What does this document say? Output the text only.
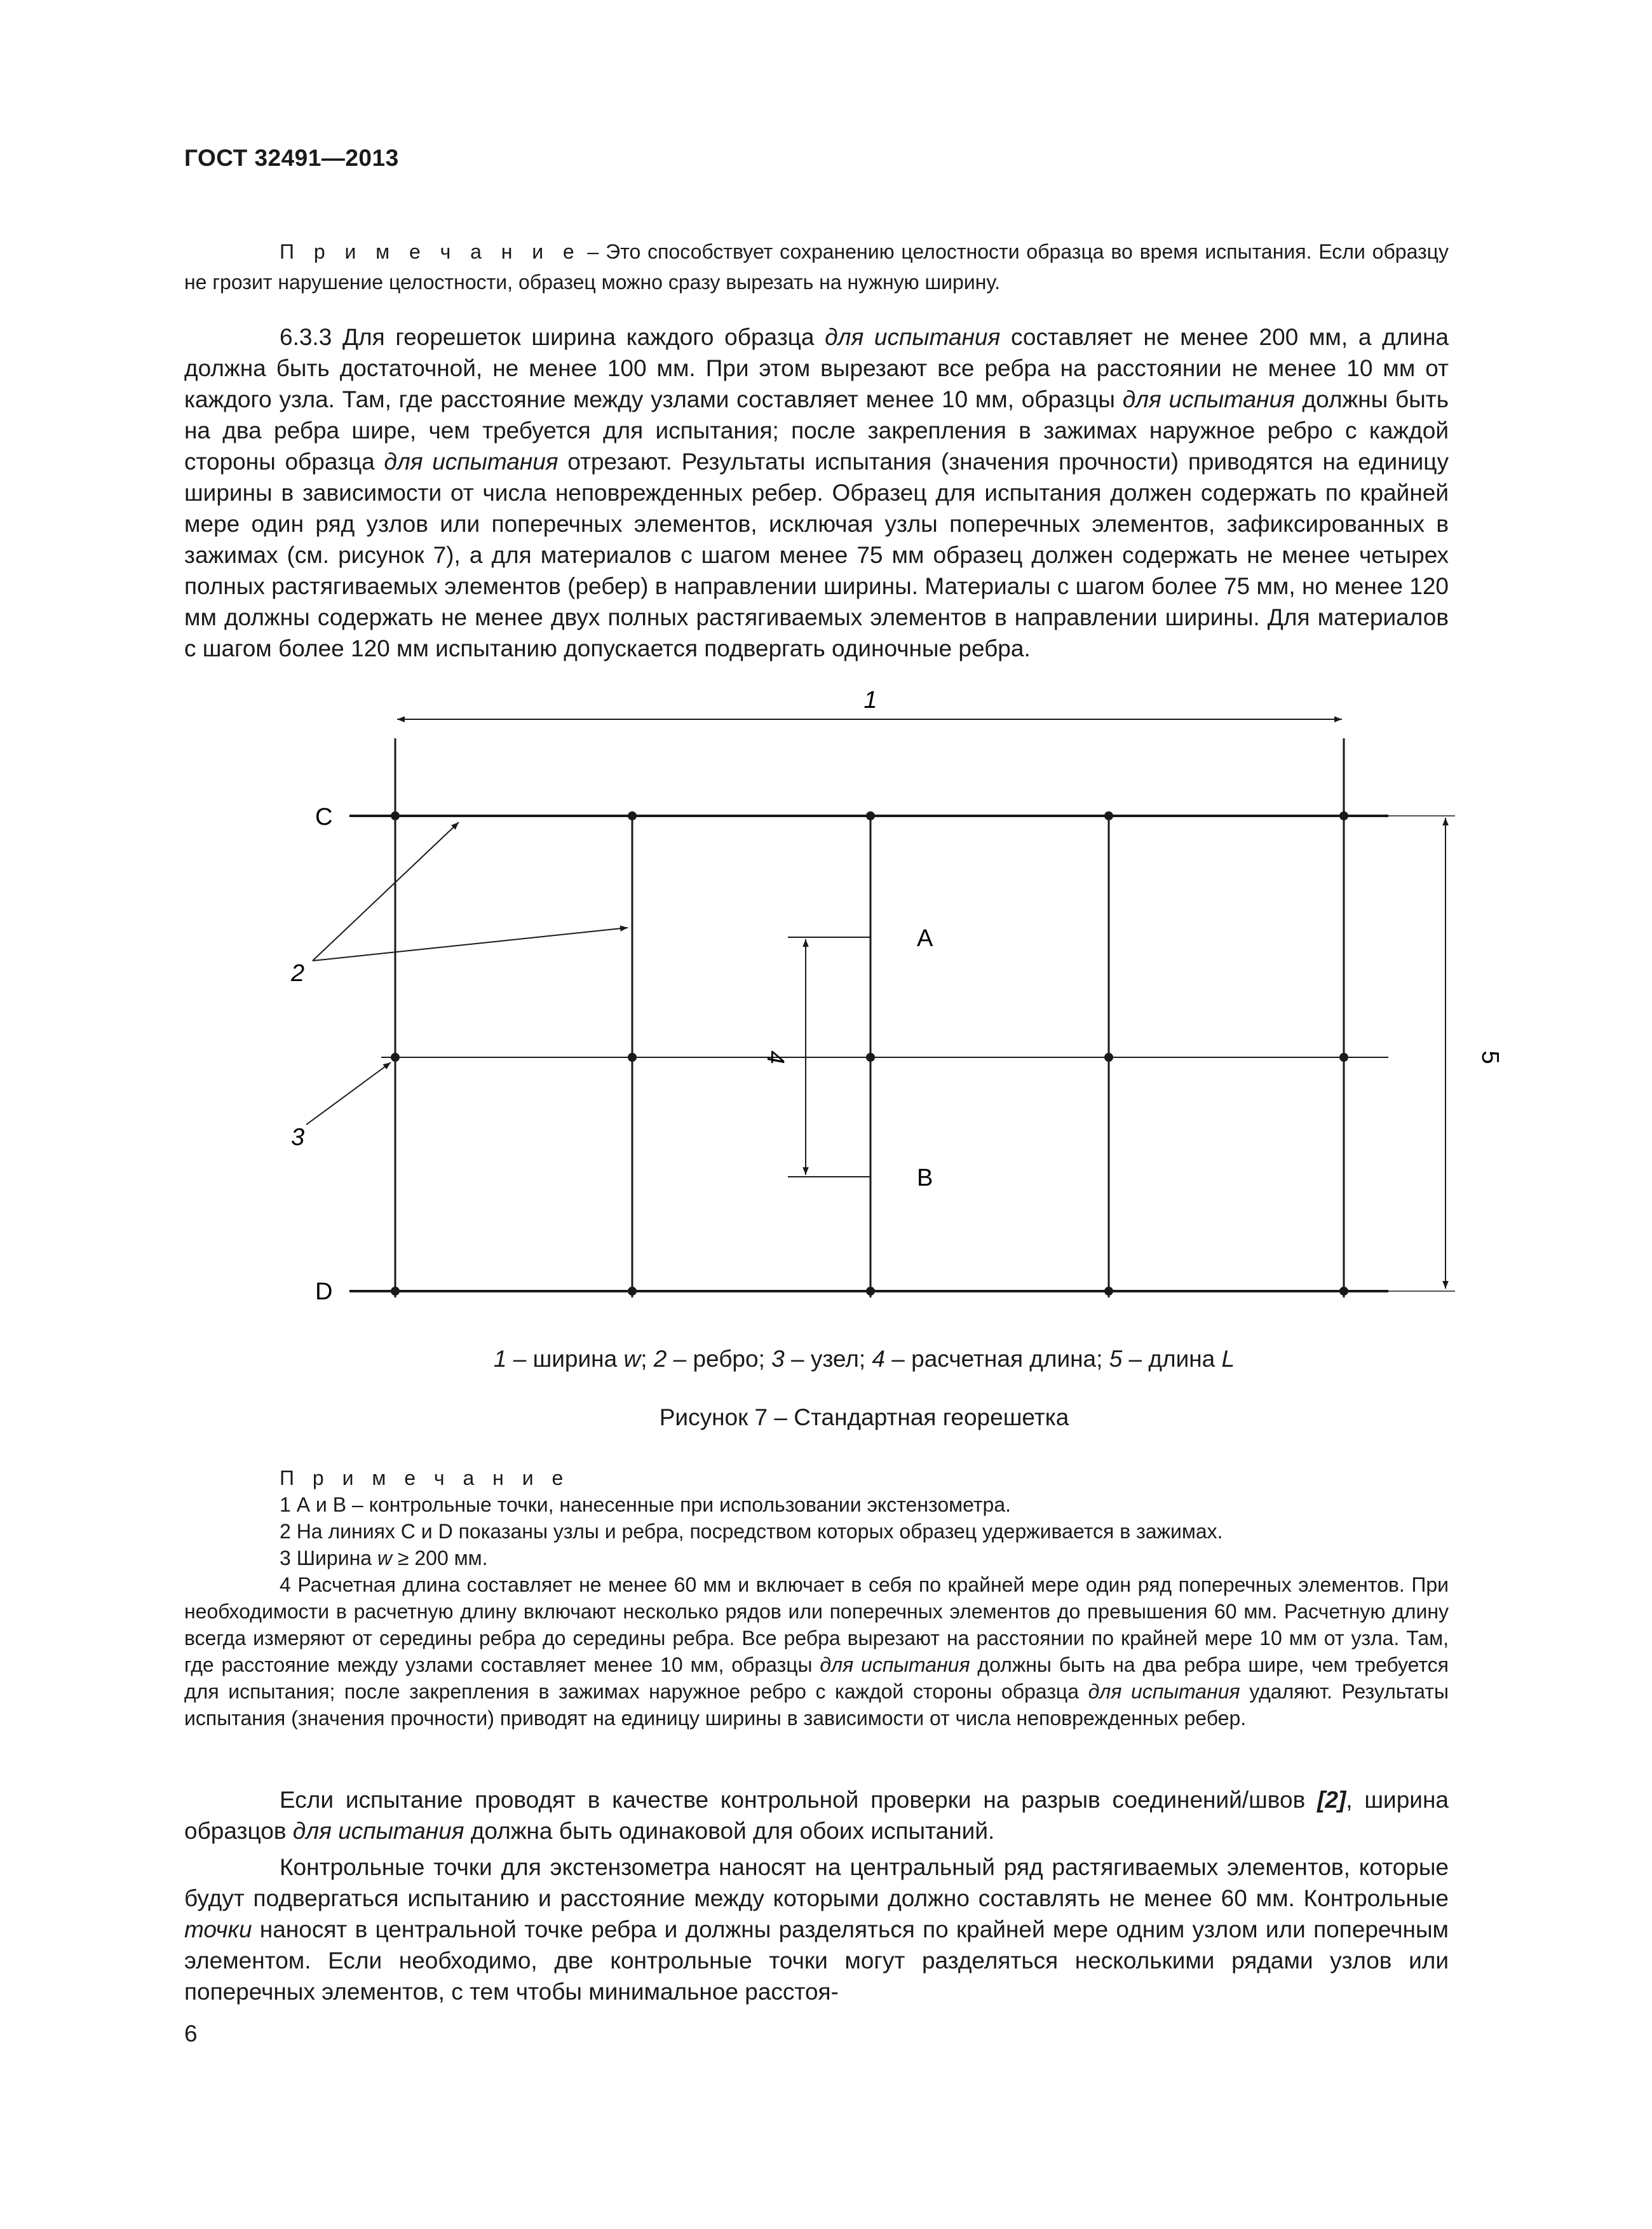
ГОСТ 32491—2013
П р и м е ч а н и е – Это способствует сохранению целостности образца во время испытания. Если образцу не грозит нарушение целостности, образец можно сразу вырезать на нужную ширину.

6.3.3 Для георешеток ширина каждого образца для испытания составляет не менее 200 мм, а длина должна быть достаточной, не менее 100 мм. При этом вырезают все ребра на расстоянии не менее 10 мм от каждого узла. Там, где расстояние между узлами составляет менее 10 мм, образцы для испытания должны быть на два ребра шире, чем требуется для испытания; после закрепления в зажимах наружное ребро с каждой стороны образца для испытания отрезают. Результаты испытания (значения прочности) приводятся на единицу ширины в зависимости от числа неповрежденных ребер. Образец для испытания должен содержать по крайней мере один ряд узлов или поперечных элементов, исключая узлы поперечных элементов, зафиксированных в зажимах (см. рисунок 7), а для материалов с шагом менее 75 мм образец должен содержать не менее четырех полных растягиваемых элементов (ребер) в направлении ширины. Материалы с шагом более 75 мм, но менее 120 мм должны содержать не менее двух полных растягиваемых элементов в направлении ширины. Для материалов с шагом более 120 мм испытанию допускается подвергать одиночные ребра.

1
5
4
A
B
C
D
2
3
1 – ширина w; 2 – ребро; 3 – узел; 4 – расчетная длина; 5 – длина L
Рисунок 7 – Стандартная георешетка
П р и м е ч а н и е
1 А и В – контрольные точки, нанесенные при использовании экстензометра.
2 На линиях С и D показаны узлы и ребра, посредством которых образец удерживается в зажимах.
3 Ширина w ≥ 200 мм.
4 Расчетная длина составляет не менее 60 мм и включает в себя по крайней мере один ряд поперечных элементов. При необходимости в расчетную длину включают несколько рядов или поперечных элементов до превышения 60 мм. Расчетную длину всегда измеряют от середины ребра до середины ребра. Все ребра вырезают на расстоянии по крайней мере 10 мм от узла. Там, где расстояние между узлами составляет менее 10 мм, образцы для испытания должны быть на два ребра шире, чем требуется для испытания; после закрепления в зажимах наружное ребро с каждой стороны образца для испытания удаляют. Результаты испытания (значения прочности) приводят на единицу ширины в зависимости от числа неповрежденных ребер.

Если испытание проводят в качестве контрольной проверки на разрыв соединений/швов [2], ширина образцов для испытания должна быть одинаковой для обоих испытаний.

Контрольные точки для экстензометра наносят на центральный ряд растягиваемых элементов, которые будут подвергаться испытанию и расстояние между которыми должно составлять не менее 60 мм. Контрольные точки наносят в центральной точке ребра и должны разделяться по крайней мере одним узлом или поперечным элементом. Если необходимо, две контрольные точки могут разделяться несколькими рядами узлов или поперечных элементов, с тем чтобы минимальное расстоя-

6
